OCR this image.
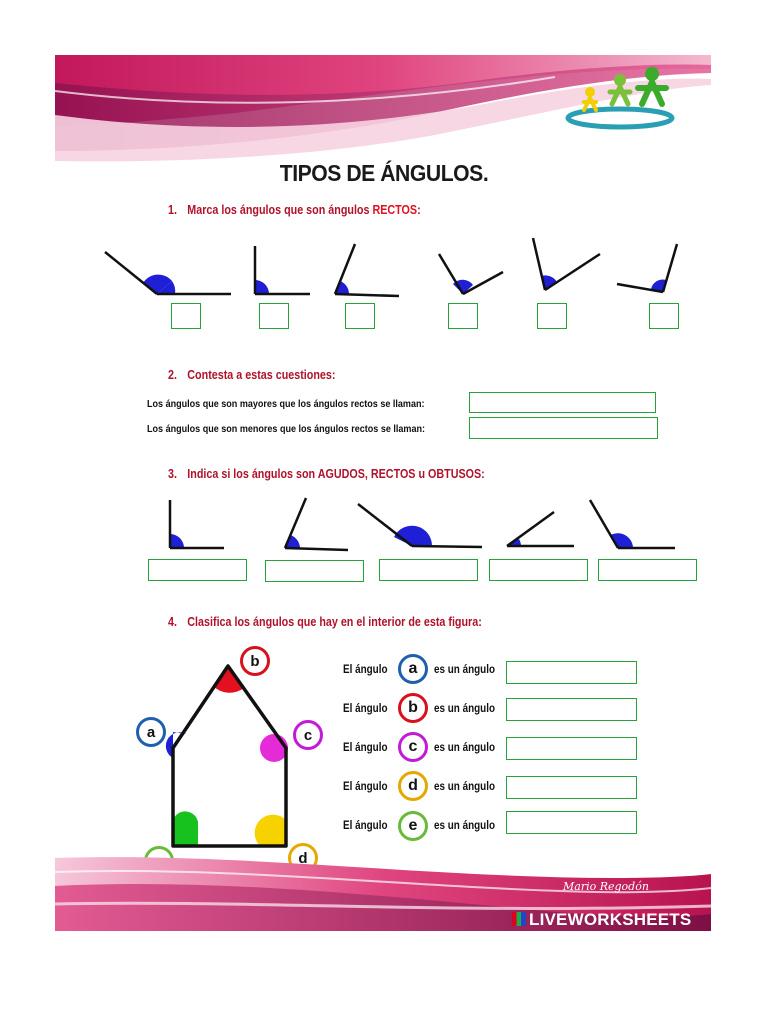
TIPOS DE ÁNGULOS.
1. Marca los ángulos que son ángulos RECTOS:
2. Contesta a estas cuestiones:
Los ángulos que son mayores que los ángulos rectos se llaman:
Los ángulos que son menores que los ángulos rectos se llaman:
3. Indica si los ángulos son AGUDOS, RECTOS u OBTUSOS:
4. Clasifica los ángulos que hay en el interior de esta figura:
b
a	c
d
El ángulo	a	es un ángulo
El ángulo	b	es un ángulo
El ángulo	c	es un ángulo
El ángulo	d	es un ángulo
El ángulo	e	es un ángulo
Mario Regodón
LIVEWORKSHEETS
